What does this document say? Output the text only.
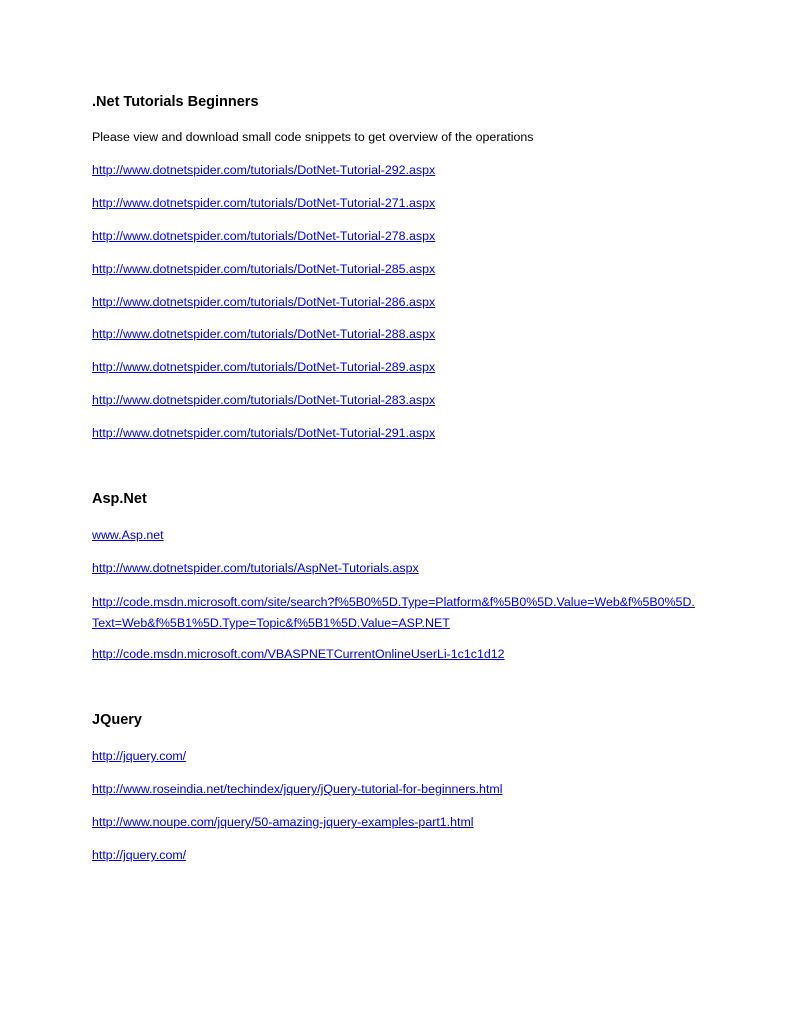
.Net Tutorials Beginners
Please view and download small code snippets to get overview of the operations
http://www.dotnetspider.com/tutorials/DotNet-Tutorial-292.aspx
http://www.dotnetspider.com/tutorials/DotNet-Tutorial-271.aspx
http://www.dotnetspider.com/tutorials/DotNet-Tutorial-278.aspx
http://www.dotnetspider.com/tutorials/DotNet-Tutorial-285.aspx
http://www.dotnetspider.com/tutorials/DotNet-Tutorial-286.aspx
http://www.dotnetspider.com/tutorials/DotNet-Tutorial-288.aspx
http://www.dotnetspider.com/tutorials/DotNet-Tutorial-289.aspx
http://www.dotnetspider.com/tutorials/DotNet-Tutorial-283.aspx
http://www.dotnetspider.com/tutorials/DotNet-Tutorial-291.aspx
Asp.Net
www.Asp.net
http://www.dotnetspider.com/tutorials/AspNet-Tutorials.aspx
http://code.msdn.microsoft.com/site/search?f%5B0%5D.Type=Platform&f%5B0%5D.Value=Web&f%5B0%5D.Text=Web&f%5B1%5D.Type=Topic&f%5B1%5D.Value=ASP.NET
http://code.msdn.microsoft.com/VBASPNETCurrentOnlineUserLi-1c1c1d12
JQuery
http://jquery.com/
http://www.roseindia.net/techindex/jquery/jQuery-tutorial-for-beginners.html
http://www.noupe.com/jquery/50-amazing-jquery-examples-part1.html
http://jquery.com/
